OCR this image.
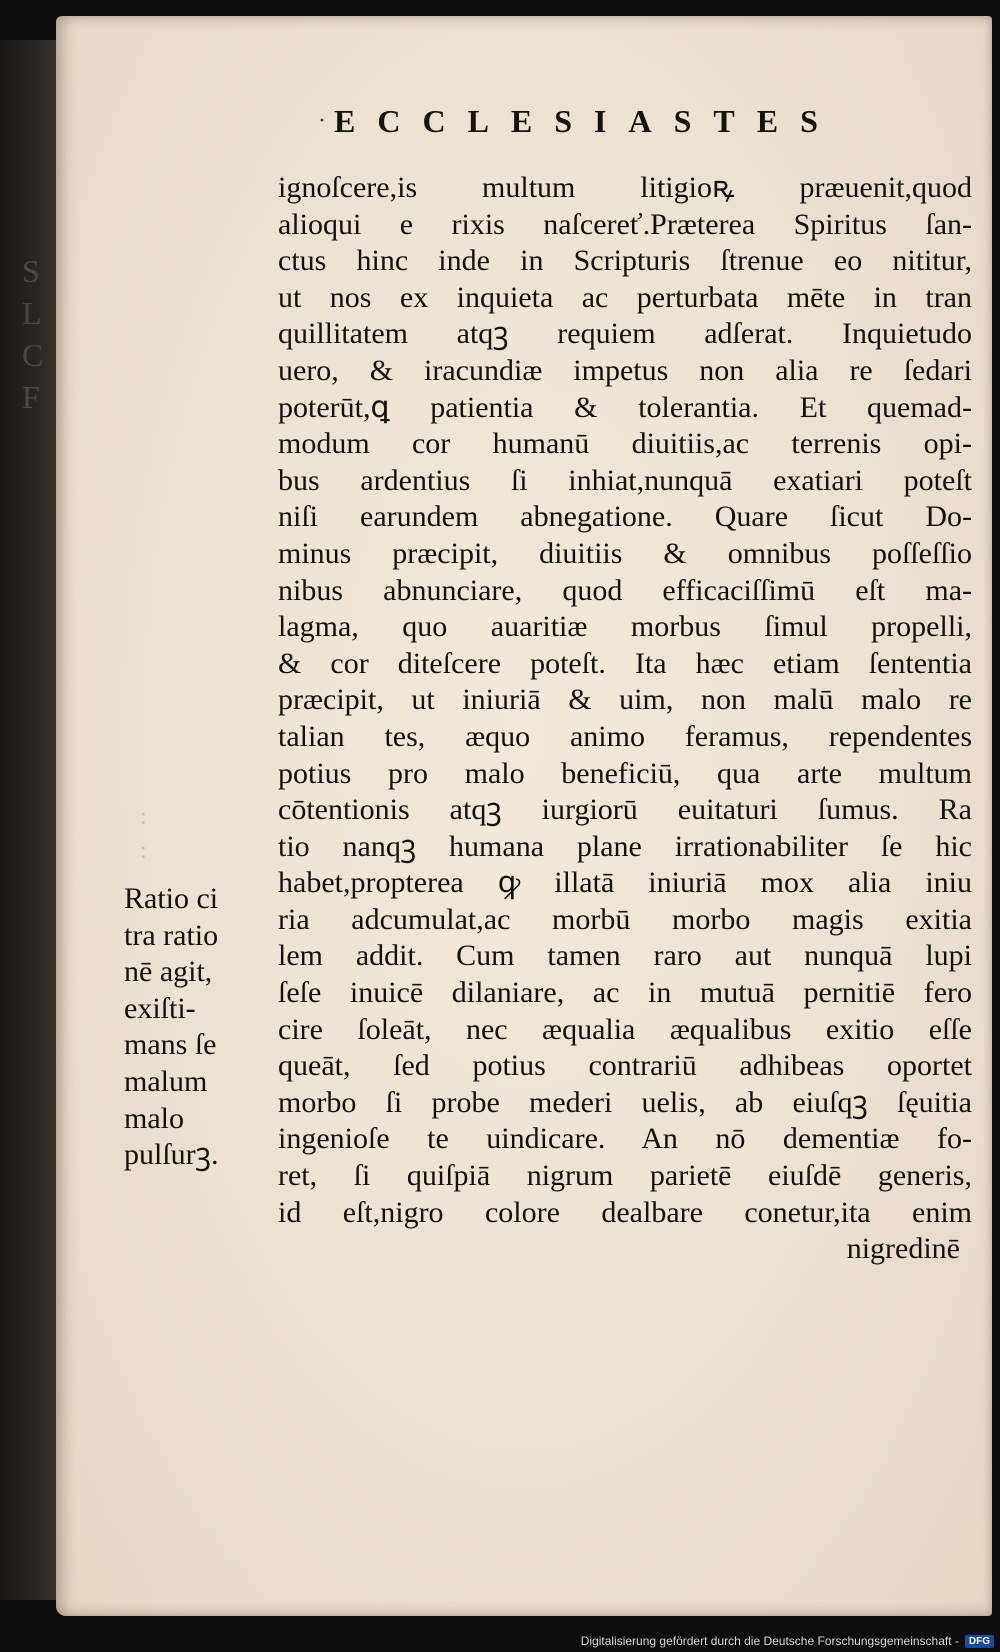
S
L
C
F
· ECCLESIASTES
:
:
Ratio ci
tra ratio
nē agit,
exiſti-
mans ſe
malum
malo
pulſurꝫ.
ignoſcere,is multum litigioꝶ præuenit,quod
alioqui e rixis naſcereť.Præterea Spiritus ſan-
ctus hinc inde in Scripturis ſtrenue eo nititur,
ut nos ex inquieta ac perturbata mēte in tran
quillitatem atqꝫ requiem adſerat. Inquietudo
uero, & iracundiæ impetus non alia re ſedari
poterūt,ꝗ patientia & tolerantia. Et quemad-
modum cor humanū diuitiis,ac terrenis opi-
bus ardentius ſi inhiat,nunquā exatiari poteſt
niſi earundem abnegatione. Quare ſicut Do-
minus præcipit, diuitiis & omnibus poſſeſſio
nibus abnunciare, quod efficaciſſimū eſt ma-
lagma, quo auaritiæ morbus ſimul propelli,
& cor diteſcere poteſt. Ita hæc etiam ſententia
præcipit, ut iniuriā & uim, non malū malo re
talian tes, æquo animo feramus, rependentes
potius pro malo beneficiū, qua arte multum
cōtentionis atqꝫ iurgiorū euitaturi ſumus. Ra
tio nanqꝫ humana plane irrationabiliter ſe hic
habet,propterea ꝙ illatā iniuriā mox alia iniu
ria adcumulat,ac morbū morbo magis exitia
lem addit. Cum tamen raro aut nunquā lupi
ſeſe inuicē dilaniare, ac in mutuā pernitiē fero
cire ſoleāt, nec æqualia æqualibus exitio eſſe
queāt, ſed potius contrariū adhibeas oportet
morbo ſi probe mederi uelis, ab eiuſqꝫ ſęuitia
ingenioſe te uindicare. An nō dementiæ fo-
ret, ſi quiſpiā nigrum parietē eiuſdē generis,
id eſt,nigro colore dealbare conetur,ita enim
nigredinē
Digitalisierung gefördert durch die Deutsche Forschungsgemeinschaft -	DFG
